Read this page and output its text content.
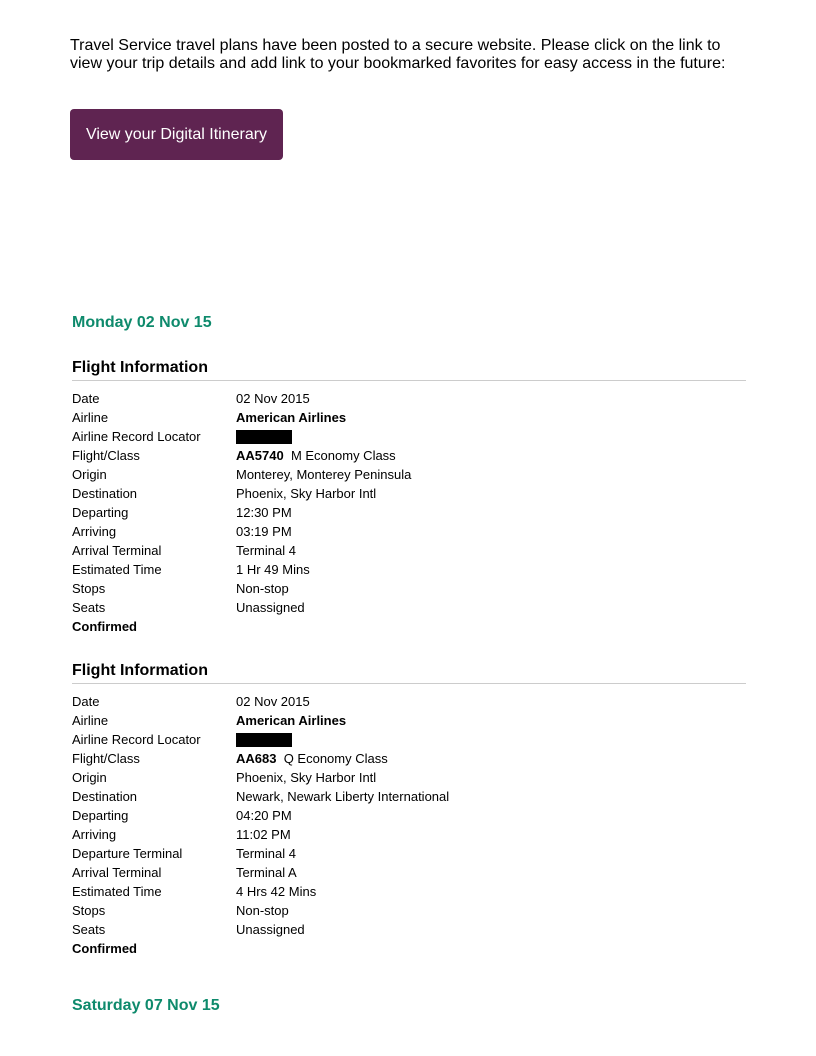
Travel Service travel plans have been posted to a secure website. Please click on the link to
view your trip details and add link to your bookmarked favorites for easy access in the future:

View your Digital Itinerary
Monday 02 Nov 15
Flight Information
Date	02 Nov 2015
Airline	American Airlines
Airline Record Locator
Flight/Class	AA5740 M Economy Class
Origin	Monterey, Monterey Peninsula
Destination	Phoenix, Sky Harbor Intl
Departing	12:30 PM
Arriving	03:19 PM
Arrival Terminal	Terminal 4
Estimated Time	1 Hr 49 Mins
Stops	Non-stop
Seats	Unassigned
Confirmed
Flight Information
Date	02 Nov 2015
Airline	American Airlines
Airline Record Locator
Flight/Class	AA683 Q Economy Class
Origin	Phoenix, Sky Harbor Intl
Destination	Newark, Newark Liberty International
Departing	04:20 PM
Arriving	11:02 PM
Departure Terminal	Terminal 4
Arrival Terminal	Terminal A
Estimated Time	4 Hrs 42 Mins
Stops	Non-stop
Seats	Unassigned
Confirmed
Saturday 07 Nov 15
